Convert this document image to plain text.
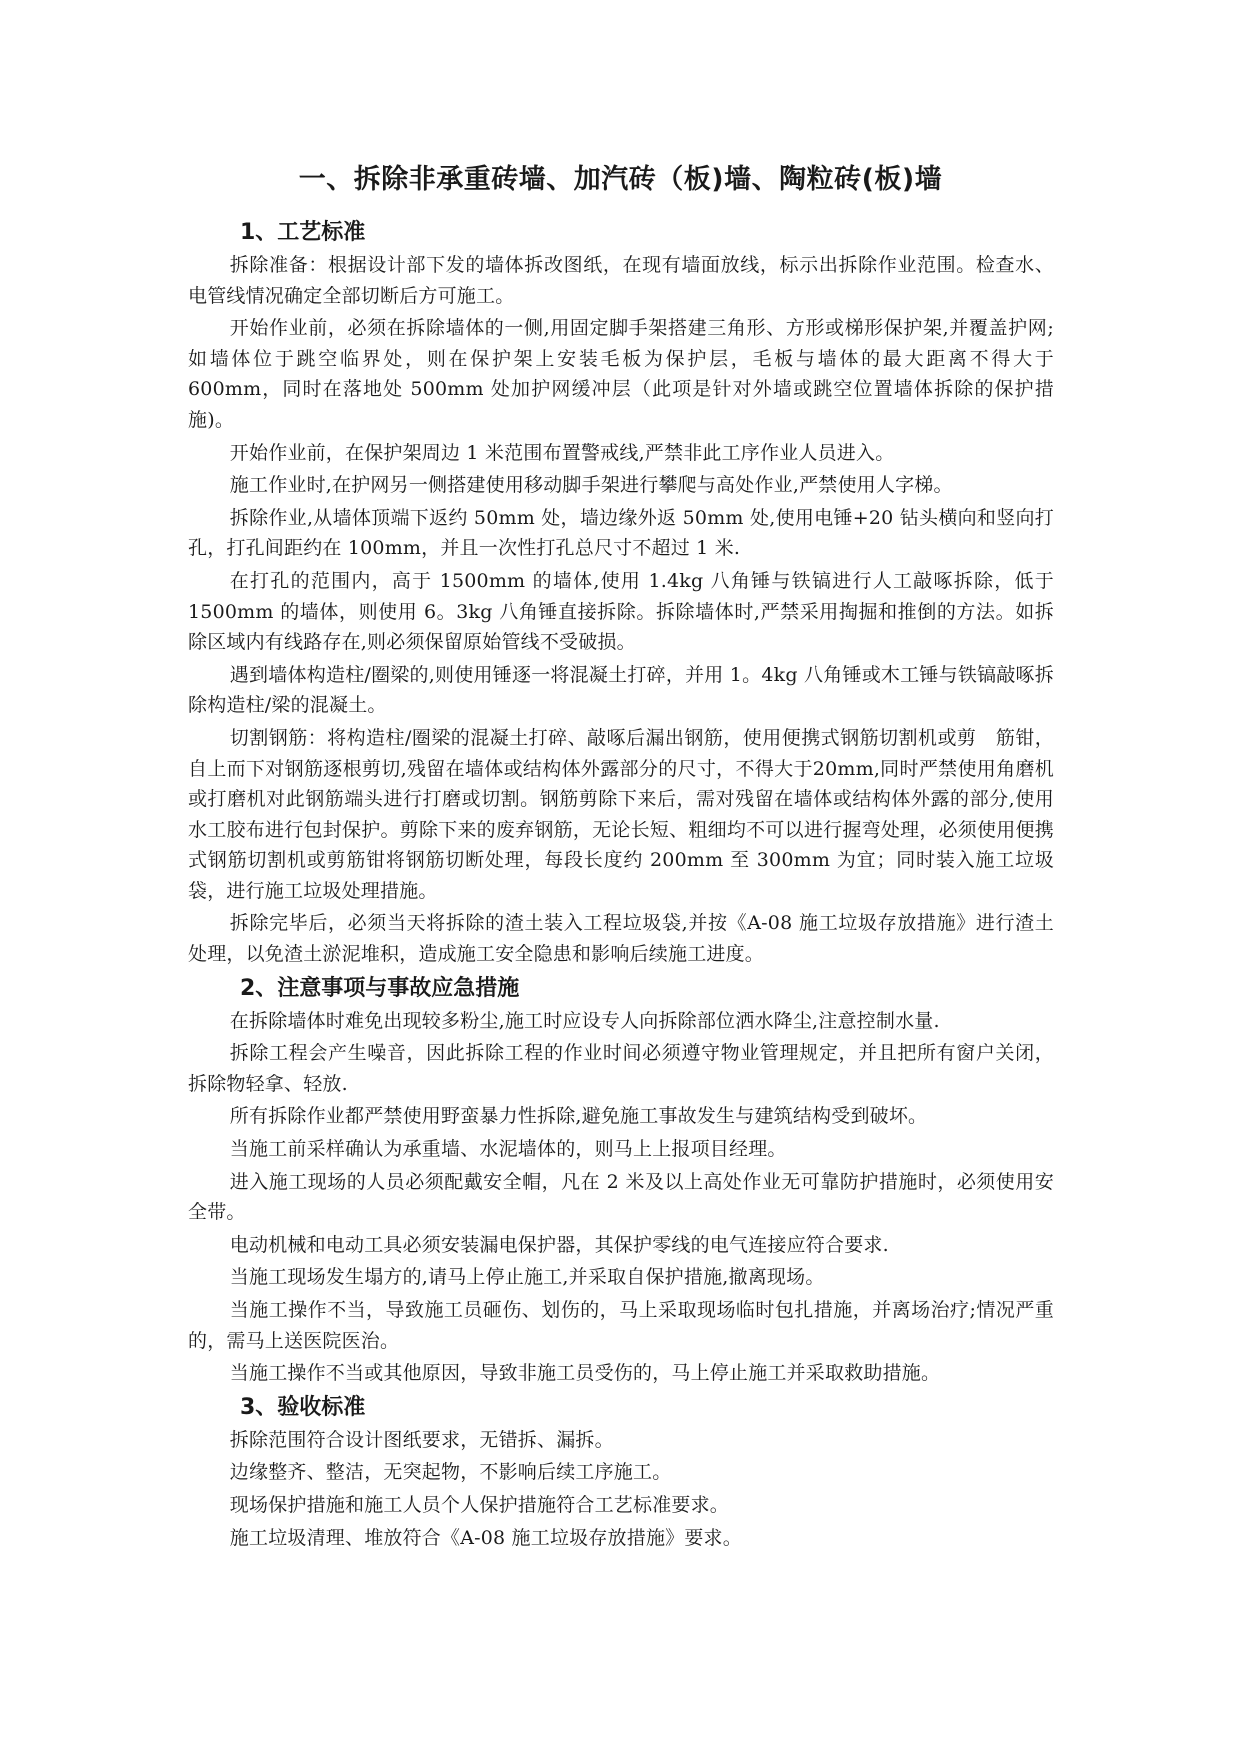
一、拆除非承重砖墙、加汽砖（板)墙、陶粒砖(板)墙
1、工艺标准

拆除准备：根据设计部下发的墙体拆改图纸，在现有墙面放线，标示出拆除作业范围。检查水、电管线情况确定全部切断后方可施工。

开始作业前，必须在拆除墙体的一侧,用固定脚手架搭建三角形、方形或梯形保护架,并覆盖护网;如墙体位于跳空临界处，则在保护架上安装毛板为保护层，毛板与墙体的最大距离不得大于 600mm，同时在落地处 500mm 处加护网缓冲层（此项是针对外墙或跳空位置墙体拆除的保护措施)。

开始作业前，在保护架周边 1 米范围布置警戒线,严禁非此工序作业人员进入。

施工作业时,在护网另一侧搭建使用移动脚手架进行攀爬与高处作业,严禁使用人字梯。

拆除作业,从墙体顶端下返约 50mm 处，墙边缘外返 50mm 处,使用电锤+20 钻头横向和竖向打孔，打孔间距约在 100mm，并且一次性打孔总尺寸不超过 1 米.

在打孔的范围内，高于 1500mm 的墙体,使用 1.4kg 八角锤与铁镐进行人工敲啄拆除，低于 1500mm 的墙体，则使用 6。3kg 八角锤直接拆除。拆除墙体时,严禁采用掏掘和推倒的方法。如拆除区域内有线路存在,则必须保留原始管线不受破损。

遇到墙体构造柱/圈梁的,则使用锤逐一将混凝土打碎，并用 1。4kg 八角锤或木工锤与铁镐敲啄拆除构造柱/梁的混凝土。

切割钢筋：将构造柱/圈梁的混凝土打碎、敲啄后漏出钢筋，使用便携式钢筋切割机或剪　筋钳，自上而下对钢筋逐根剪切,残留在墙体或结构体外露部分的尺寸，不得大于20mm,同时严禁使用角磨机或打磨机对此钢筋端头进行打磨或切割。钢筋剪除下来后，需对残留在墙体或结构体外露的部分,使用水工胶布进行包封保护。剪除下来的废弃钢筋，无论长短、粗细均不可以进行握弯处理，必须使用便携式钢筋切割机或剪筋钳将钢筋切断处理，每段长度约 200mm 至 300mm 为宜；同时装入施工垃圾袋，进行施工垃圾处理措施。

拆除完毕后，必须当天将拆除的渣土装入工程垃圾袋,并按《A-08 施工垃圾存放措施》进行渣土处理，以免渣土淤泥堆积，造成施工安全隐患和影响后续施工进度。

2、注意事项与事故应急措施

在拆除墙体时难免出现较多粉尘,施工时应设专人向拆除部位洒水降尘,注意控制水量.

拆除工程会产生噪音，因此拆除工程的作业时间必须遵守物业管理规定，并且把所有窗户关闭，拆除物轻拿、轻放.

所有拆除作业都严禁使用野蛮暴力性拆除,避免施工事故发生与建筑结构受到破坏。

当施工前采样确认为承重墙、水泥墙体的，则马上上报项目经理。

进入施工现场的人员必须配戴安全帽，凡在 2 米及以上高处作业无可靠防护措施时，必须使用安全带。

电动机械和电动工具必须安装漏电保护器，其保护零线的电气连接应符合要求.

当施工现场发生塌方的,请马上停止施工,并采取自保护措施,撤离现场。

当施工操作不当，导致施工员砸伤、划伤的，马上采取现场临时包扎措施，并离场治疗;情况严重的，需马上送医院医治。

当施工操作不当或其他原因，导致非施工员受伤的，马上停止施工并采取救助措施。

3、验收标准

拆除范围符合设计图纸要求，无错拆、漏拆。

边缘整齐、整洁，无突起物，不影响后续工序施工。

现场保护措施和施工人员个人保护措施符合工艺标准要求。

施工垃圾清理、堆放符合《A-08 施工垃圾存放措施》要求。
